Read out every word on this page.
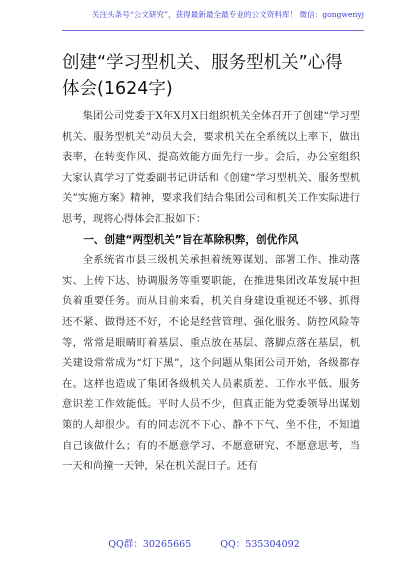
关注头条号“公文研究”，获得最新最全最专业的公文资料库！ 微信：gongwenyj
创建“学习型机关、服务型机关”心得体会(1624字)

集团公司党委于X年X月X日组织机关全体召开了创建“学习型机关、服务型机关”动员大会，要求机关在全系统以上率下，做出表率，在转变作风、提高效能方面先行一步。会后，办公室组织大家认真学习了党委副书记讲话和《创建“学习型机关、服务型机关”实施方案》精神，要求我们结合集团公司和机关工作实际进行思考，现将心得体会汇报如下：

一、创建“两型机关”旨在革除积弊，创优作风

全系统省市县三级机关承担着统筹谋划、部署工作、推动落实、上传下达、协调服务等重要职能，在推进集团改革发展中担负着重要任务。而从目前来看，机关自身建设重视还不够、抓得还不紧、做得还不好，不论是经营管理、强化服务、防控风险等等，常常是眼睛盯着基层、重点放在基层、落脚点落在基层，机关建设常常成为“灯下黑”，这个问题从集团公司开始，各级都存在。这样也造成了集团各级机关人员素质差、工作水平低、服务意识差工作效能低。平时人员不少，但真正能为党委领导出谋划策的人却很少。有的同志沉不下心、静不下气、坐不住，不知道自己该做什么；有的不愿意学习、不愿意研究、不愿意思考，当一天和尚撞一天钟，呆在机关混日子。还有

QQ群：30265665	QQ：535304092
